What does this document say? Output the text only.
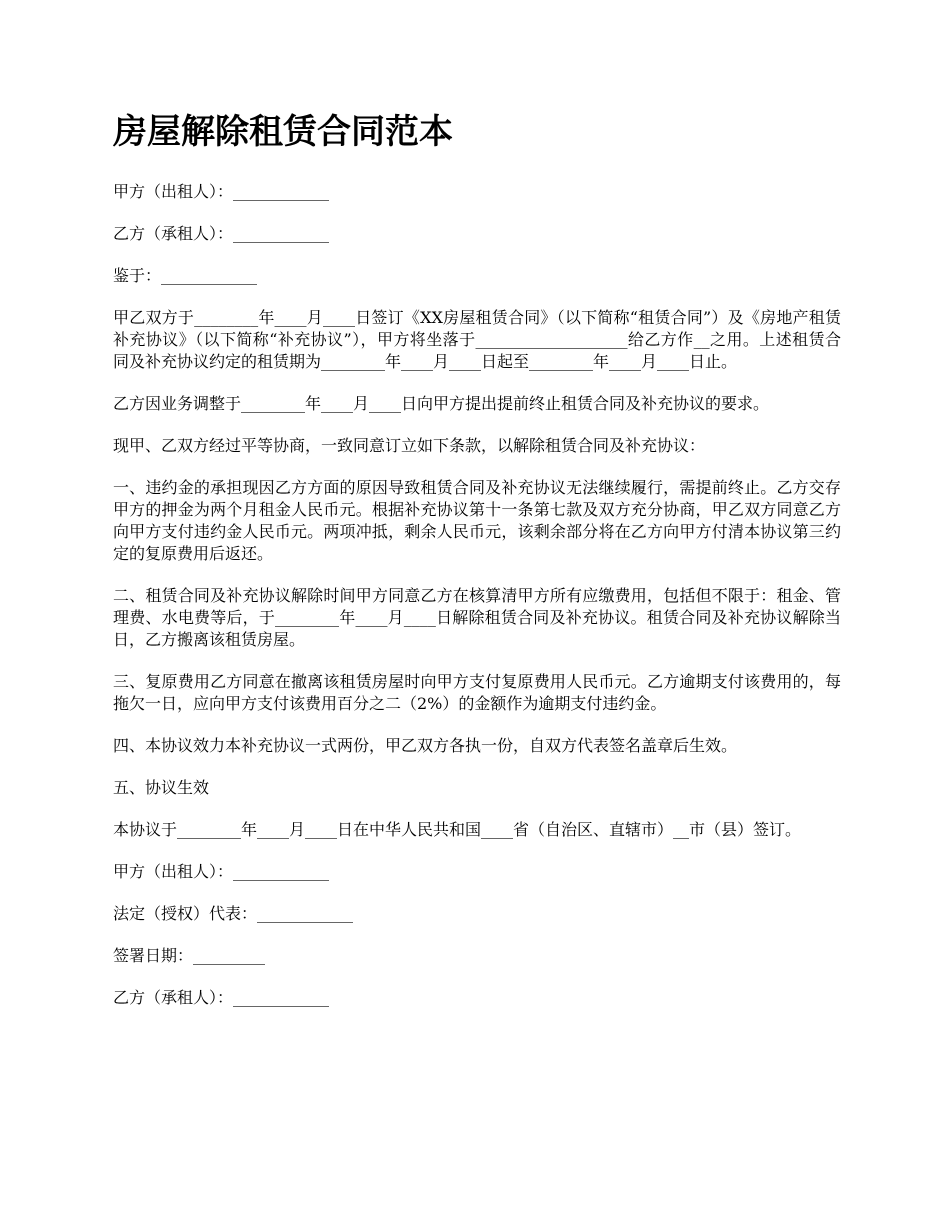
房屋解除租赁合同范本

甲方（出租人）：____________

乙方（承租人）：____________

鉴于：____________

甲乙双方于________年____月____日签订《XX房屋租赁合同》（以下简称“租赁合同”）及《房地产租赁补充协议》（以下简称“补充协议”），甲方将坐落于___________________给乙方作__之用。上述租赁合同及补充协议约定的租赁期为________年____月____日起至________年____月____日止。

乙方因业务调整于________年____月____日向甲方提出提前终止租赁合同及补充协议的要求。

现甲、乙双方经过平等协商，一致同意订立如下条款，以解除租赁合同及补充协议：

一、违约金的承担现因乙方方面的原因导致租赁合同及补充协议无法继续履行，需提前终止。乙方交存甲方的押金为两个月租金人民币元。根据补充协议第十一条第七款及双方充分协商，甲乙双方同意乙方向甲方支付违约金人民币元。两项冲抵，剩余人民币元，该剩余部分将在乙方向甲方付清本协议第三约定的复原费用后返还。

二、租赁合同及补充协议解除时间甲方同意乙方在核算清甲方所有应缴费用，包括但不限于：租金、管理费、水电费等后，于________年____月____日解除租赁合同及补充协议。租赁合同及补充协议解除当日，乙方搬离该租赁房屋。

三、复原费用乙方同意在撤离该租赁房屋时向甲方支付复原费用人民币元。乙方逾期支付该费用的，每拖欠一日，应向甲方支付该费用百分之二（2%）的金额作为逾期支付违约金。

四、本协议效力本补充协议一式两份，甲乙双方各执一份，自双方代表签名盖章后生效。

五、协议生效

本协议于________年____月____日在中华人民共和国____省（自治区、直辖市）__市（县）签订。

甲方（出租人）：____________

法定（授权）代表：____________

签署日期：_________

乙方（承租人）：____________
